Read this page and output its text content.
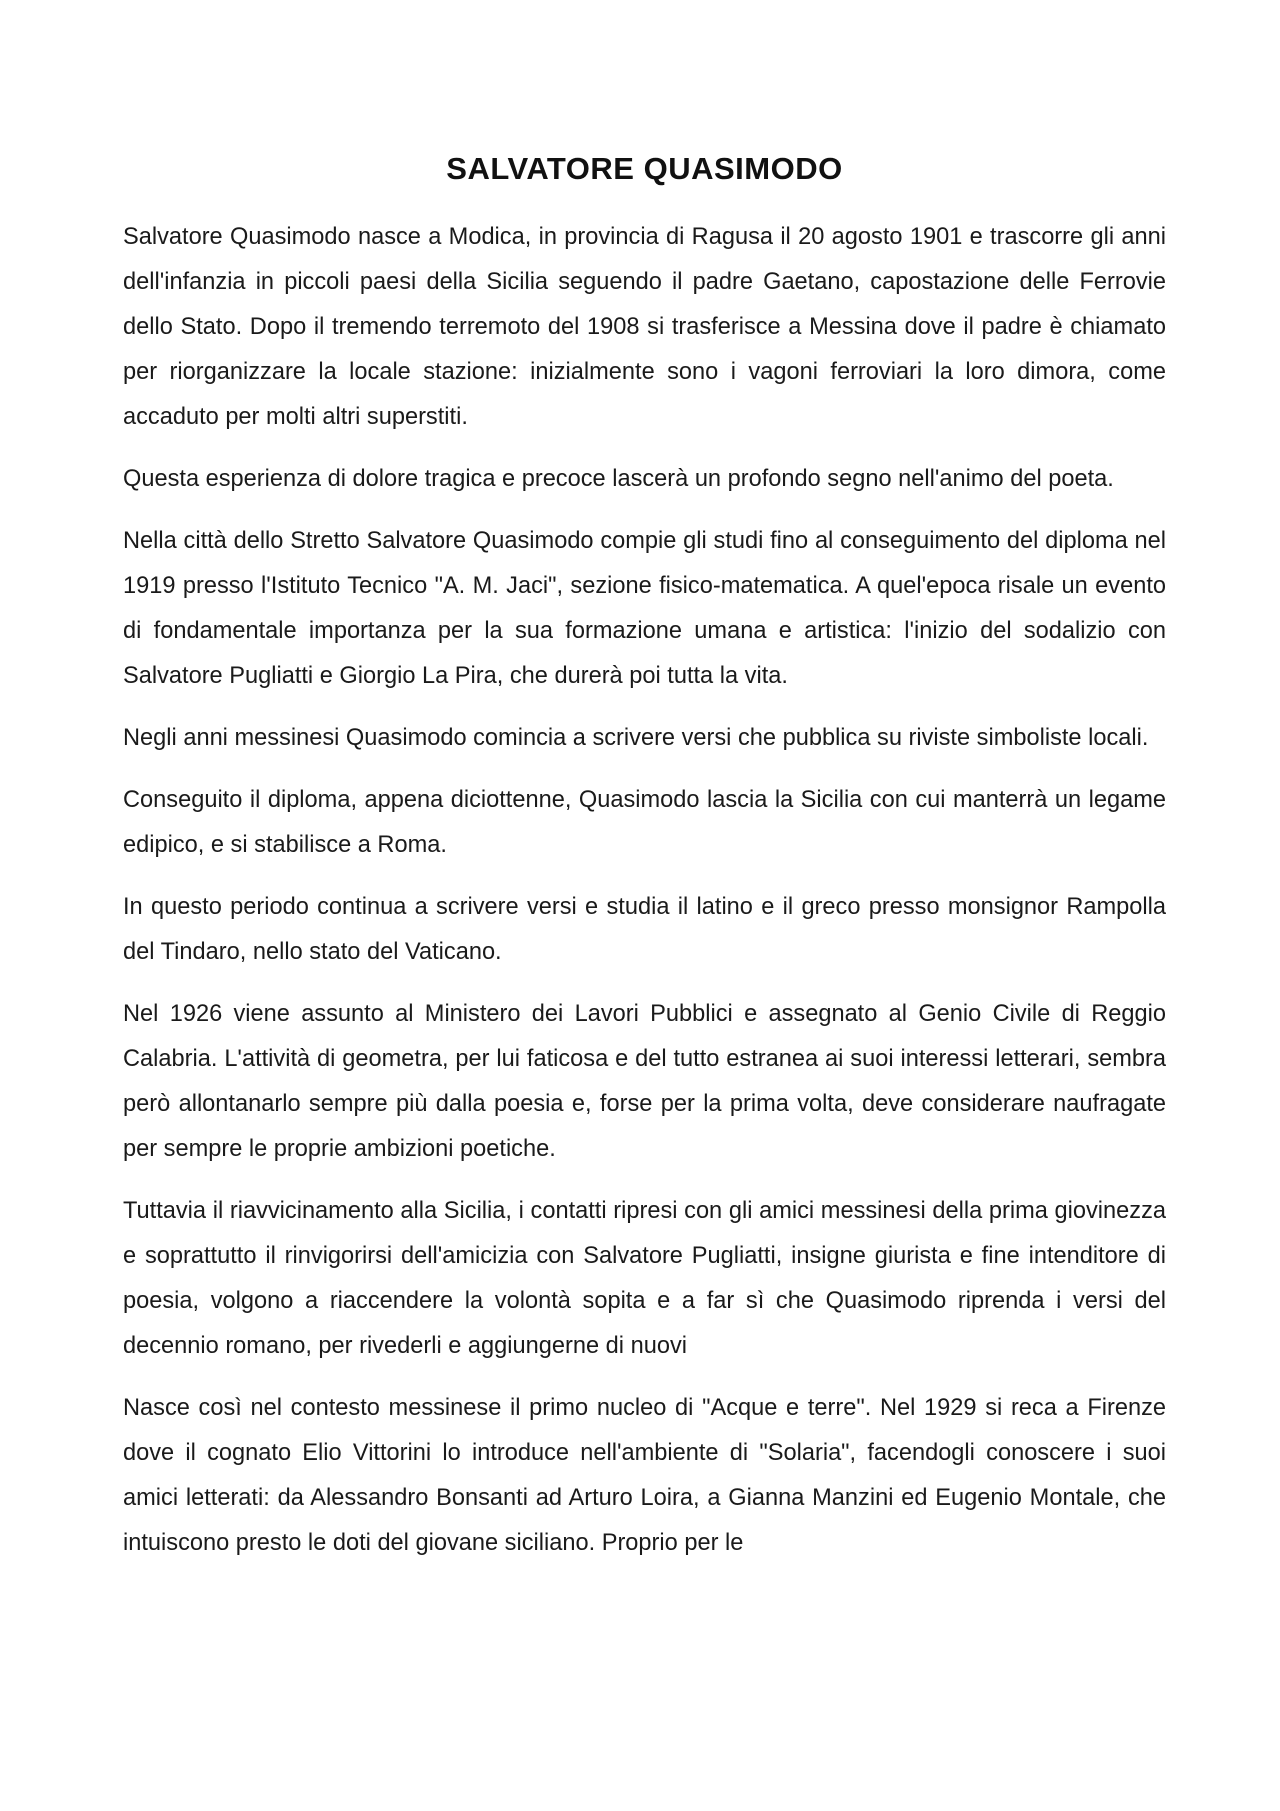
SALVATORE QUASIMODO

Salvatore Quasimodo nasce a Modica, in provincia di Ragusa il 20 agosto 1901 e trascorre gli anni dell'infanzia in piccoli paesi della Sicilia seguendo il padre Gaetano, capostazione delle Ferrovie dello Stato. Dopo il tremendo terremoto del 1908 si trasferisce a Messina dove il padre è chiamato per riorganizzare la locale stazione: inizialmente sono i vagoni ferroviari la loro dimora, come accaduto per molti altri superstiti.

Questa esperienza di dolore tragica e precoce lascerà un profondo segno nell'animo del poeta.

Nella città dello Stretto Salvatore Quasimodo compie gli studi fino al conseguimento del diploma nel 1919 presso l'Istituto Tecnico "A. M. Jaci", sezione fisico-matematica. A quel'epoca risale un evento di fondamentale importanza per la sua formazione umana e artistica: l'inizio del sodalizio con Salvatore Pugliatti e Giorgio La Pira, che durerà poi tutta la vita.

Negli anni messinesi Quasimodo comincia a scrivere versi che pubblica su riviste simboliste locali.

Conseguito il diploma, appena diciottenne, Quasimodo lascia la Sicilia con cui manterrà un legame edipico, e si stabilisce a Roma.

In questo periodo continua a scrivere versi e studia il latino e il greco presso monsignor Rampolla del Tindaro, nello stato del Vaticano.

Nel 1926 viene assunto al Ministero dei Lavori Pubblici e assegnato al Genio Civile di Reggio Calabria. L'attività di geometra, per lui faticosa e del tutto estranea ai suoi interessi letterari, sembra però allontanarlo sempre più dalla poesia e, forse per la prima volta, deve considerare naufragate per sempre le proprie ambizioni poetiche.

Tuttavia il riavvicinamento alla Sicilia, i contatti ripresi con gli amici messinesi della prima giovinezza e soprattutto il rinvigorirsi dell'amicizia con Salvatore Pugliatti, insigne giurista e fine intenditore di poesia, volgono a riaccendere la volontà sopita e a far sì che Quasimodo riprenda i versi del decennio romano, per rivederli e aggiungerne di nuovi

Nasce così nel contesto messinese il primo nucleo di "Acque e terre". Nel 1929 si reca a Firenze dove il cognato Elio Vittorini lo introduce nell'ambiente di "Solaria", facendogli conoscere i suoi amici letterati: da Alessandro Bonsanti ad Arturo Loira, a Gianna Manzini ed Eugenio Montale, che intuiscono presto le doti del giovane siciliano. Proprio per le
